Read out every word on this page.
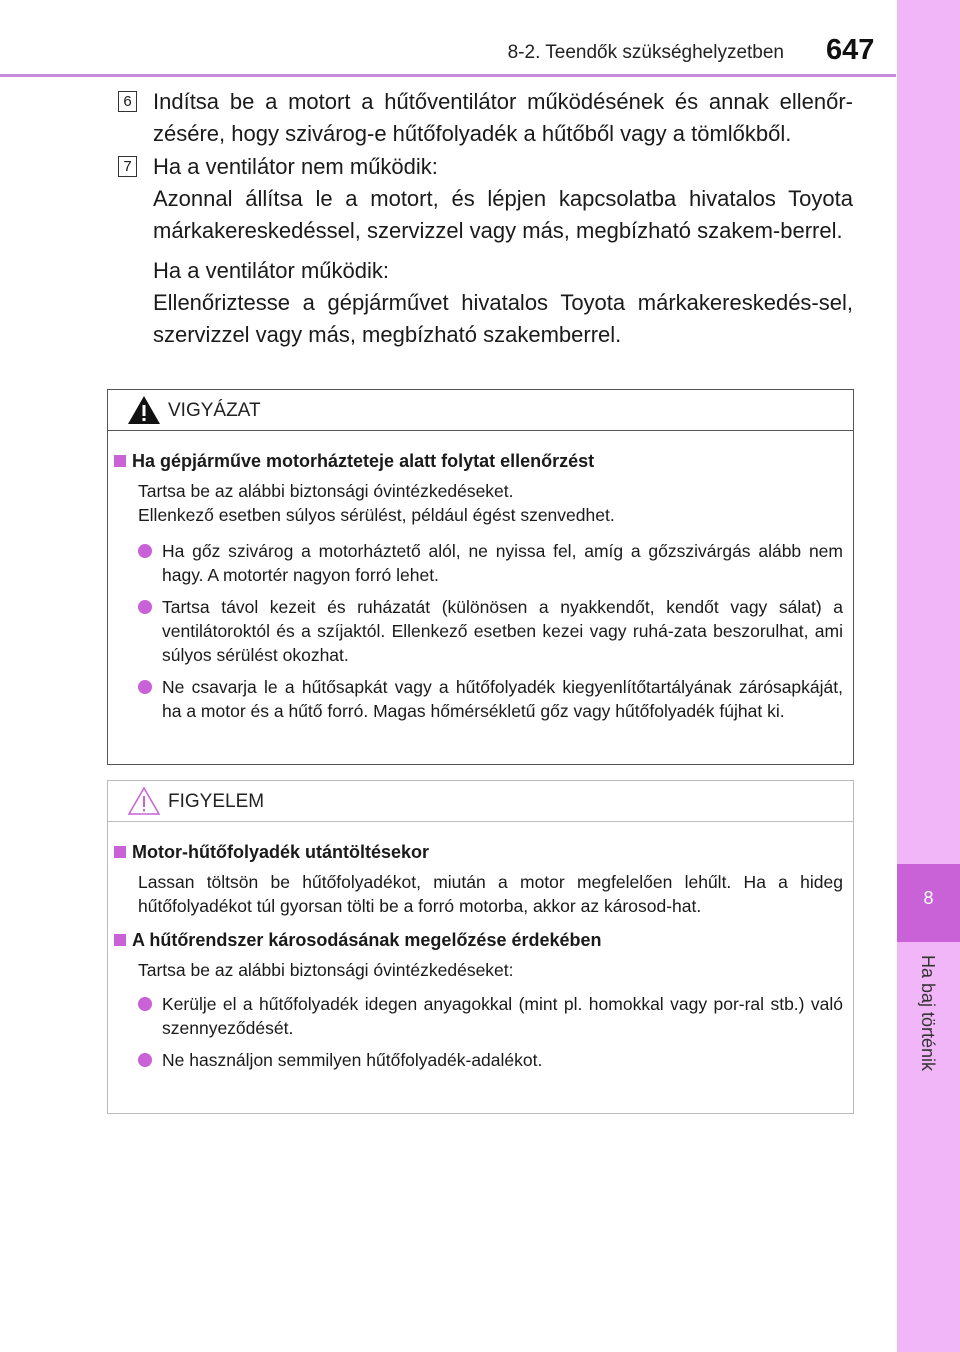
8-2. Teendők szükséghelyzetben 647
8
Ha baj történik
6 Indítsa be a motort a hűtőventilátor működésének és annak ellenőr-zésére, hogy szivárog-e hűtőfolyadék a hűtőből vagy a tömlőkből.

7 Ha a ventilátor nem működik:

Azonnal állítsa le a motort, és lépjen kapcsolatba hivatalos Toyota márkakereskedéssel, szervizzel vagy más, megbízható szakem-berrel.

Ha a ventilátor működik:

Ellenőriztesse a gépjárművet hivatalos Toyota márkakereskedés-sel, szervizzel vagy más, megbízható szakemberrel.

VIGYÁZAT
Ha gépjárműve motorházteteje alatt folytat ellenőrzést
Tartsa be az alábbi biztonsági óvintézkedéseket.
Ellenkező esetben súlyos sérülést, például égést szenvedhet.
Ha gőz szivárog a motorháztető alól, ne nyissa fel, amíg a gőzszivárgás alább nem hagy. A motortér nagyon forró lehet.
Tartsa távol kezeit és ruházatát (különösen a nyakkendőt, kendőt vagy sálat) a ventilátoroktól és a szíjaktól. Ellenkező esetben kezei vagy ruhá-zata beszorulhat, ami súlyos sérülést okozhat.
Ne csavarja le a hűtősapkát vagy a hűtőfolyadék kiegyenlítőtartályának zárósapkáját, ha a motor és a hűtő forró. Magas hőmérsékletű gőz vagy hűtőfolyadék fújhat ki.
FIGYELEM
Motor-hűtőfolyadék utántöltésekor
Lassan töltsön be hűtőfolyadékot, miután a motor megfelelően lehűlt. Ha a hideg hűtőfolyadékot túl gyorsan tölti be a forró motorba, akkor az károsod-hat.
A hűtőrendszer károsodásának megelőzése érdekében
Tartsa be az alábbi biztonsági óvintézkedéseket:
Kerülje el a hűtőfolyadék idegen anyagokkal (mint pl. homokkal vagy por-ral stb.) való szennyeződését.
Ne használjon semmilyen hűtőfolyadék-adalékot.
